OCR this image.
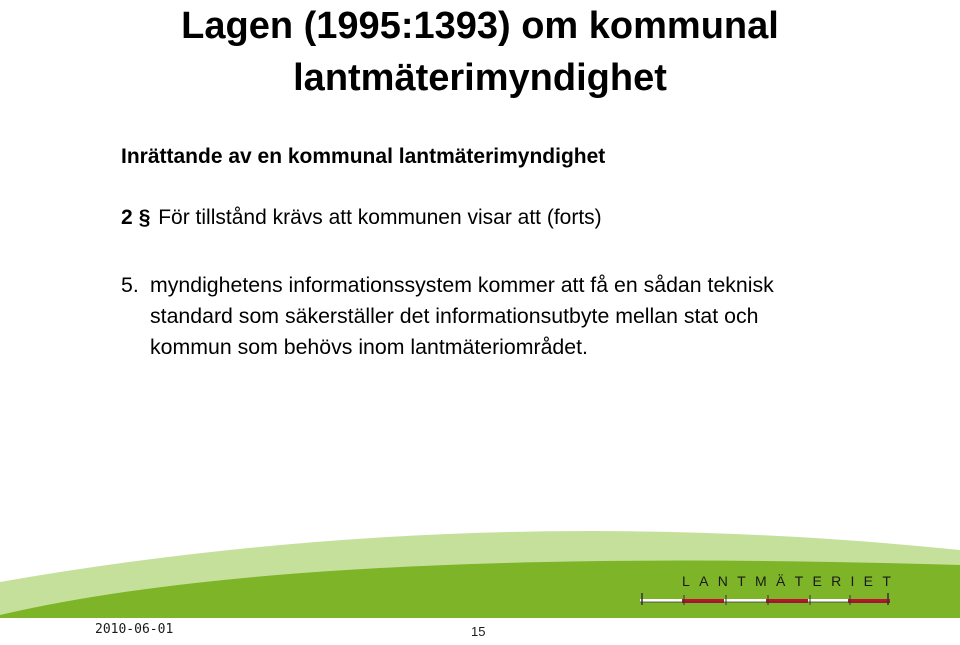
Lagen (1995:1393) om kommunal
lantmäterimyndighet
Inrättande av en kommunal lantmäterimyndighet
2 § För tillstånd krävs att kommunen visar att (forts)
5. myndighetens informationssystem kommer att få en sådan teknisk
standard som säkerställer det informationsutbyte mellan stat och
kommun som behövs inom lantmäteriområdet.
LANTMÄTERIET
2010-06-01	15
